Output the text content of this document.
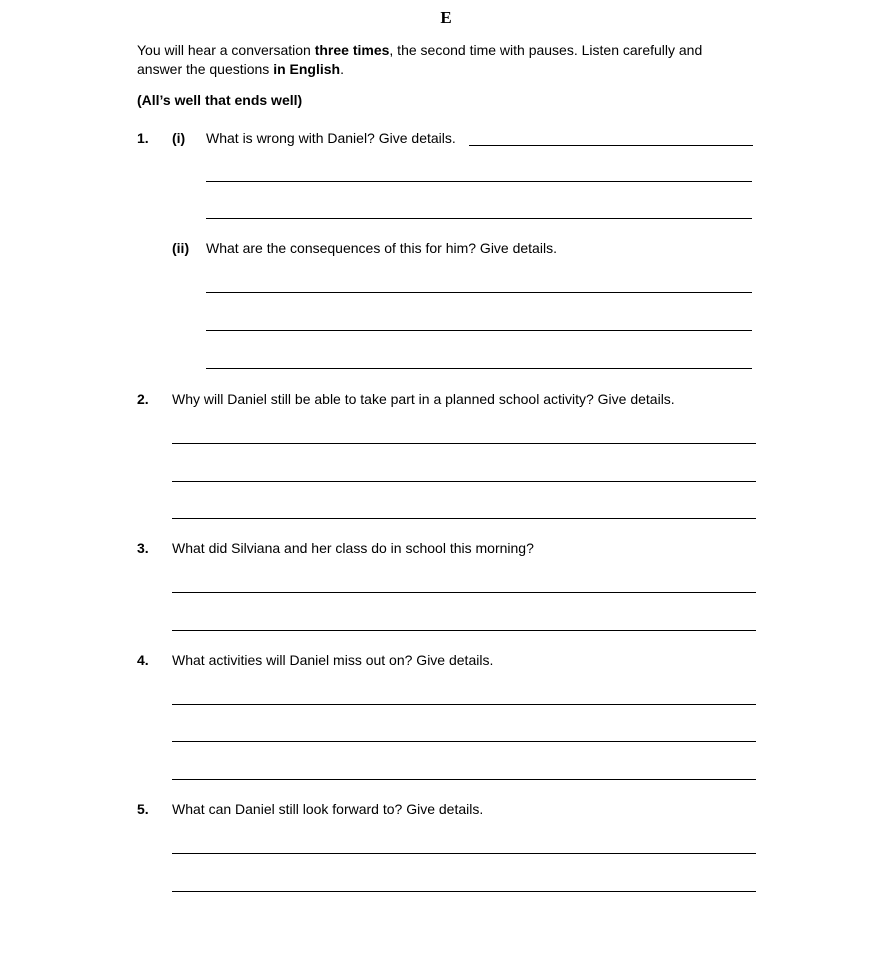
E
You will hear a conversation three times, the second time with pauses. Listen carefully and
answer the questions in English.
(All’s well that ends well)
1. (i) What is wrong with Daniel? Give details.
(ii) What are the consequences of this for him? Give details.
2. Why will Daniel still be able to take part in a planned school activity? Give details.
3. What did Silviana and her class do in school this morning?
4. What activities will Daniel miss out on? Give details.
5. What can Daniel still look forward to? Give details.
